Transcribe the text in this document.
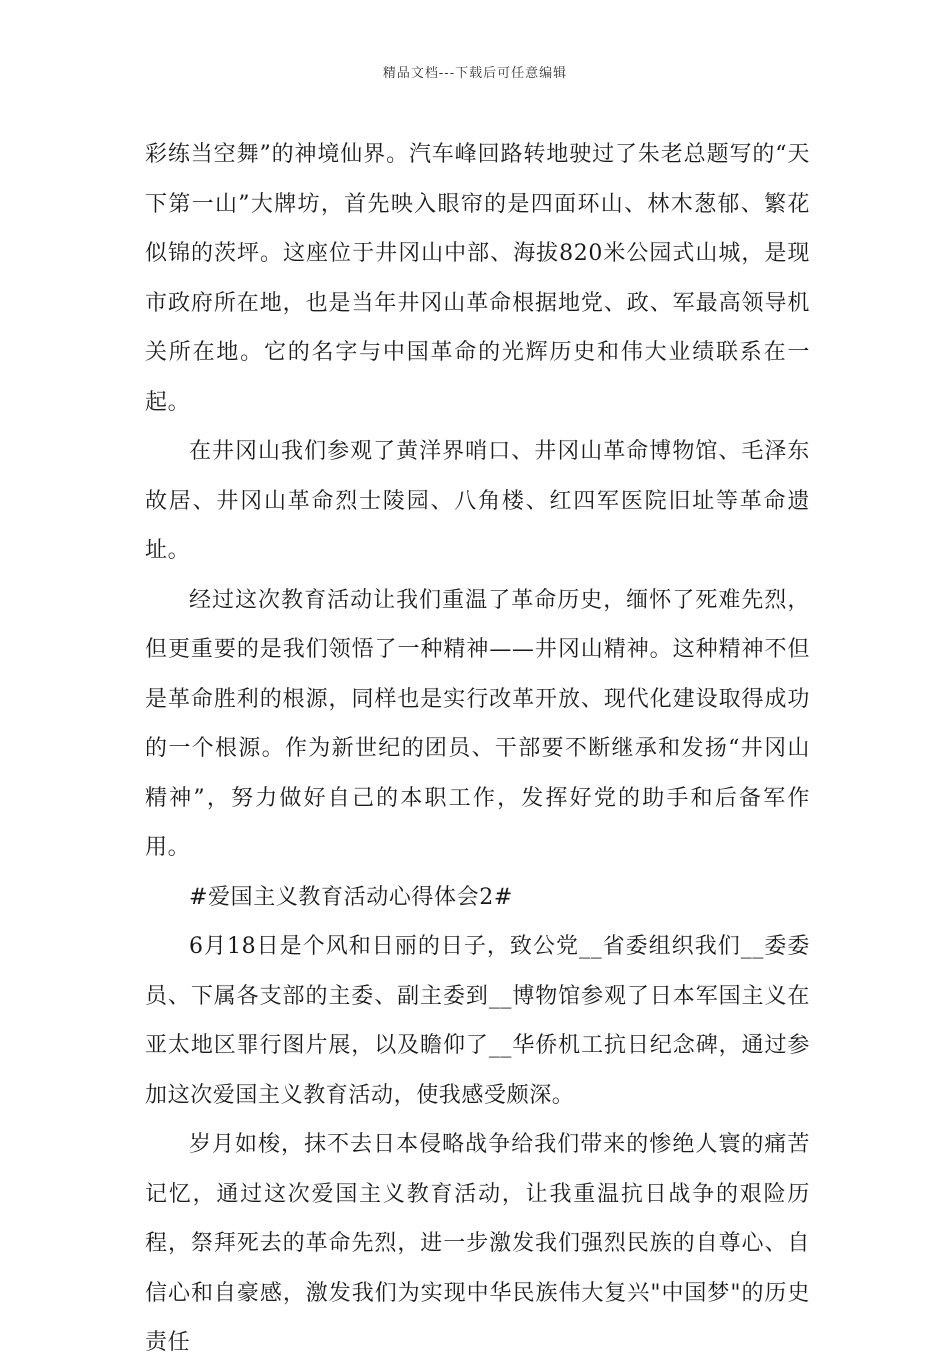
精品文档---下载后可任意编辑

彩练当空舞”的神境仙界。汽车峰回路转地驶过了朱老总题写的“天下第一山”大牌坊，首先映入眼帘的是四面环山、林木葱郁、繁花似锦的茨坪。这座位于井冈山中部、海拔820米公园式山城，是现市政府所在地，也是当年井冈山革命根据地党、政、军最高领导机关所在地。它的名字与中国革命的光辉历史和伟大业绩联系在一起。

在井冈山我们参观了黄洋界哨口、井冈山革命博物馆、毛泽东故居、井冈山革命烈士陵园、八角楼、红四军医院旧址等革命遗址。

经过这次教育活动让我们重温了革命历史，缅怀了死难先烈，但更重要的是我们领悟了一种精神——井冈山精神。这种精神不但是革命胜利的根源，同样也是实行改革开放、现代化建设取得成功的一个根源。作为新世纪的团员、干部要不断继承和发扬“井冈山精神”，努力做好自己的本职工作，发挥好党的助手和后备军作用。

#爱国主义教育活动心得体会2#

6月18日是个风和日丽的日子，致公党__省委组织我们__委委员、下属各支部的主委、副主委到__博物馆参观了日本军国主义在亚太地区罪行图片展，以及瞻仰了__华侨机工抗日纪念碑，通过参加这次爱国主义教育活动，使我感受颇深。

岁月如梭，抹不去日本侵略战争给我们带来的惨绝人寰的痛苦记忆，通过这次爱国主义教育活动，让我重温抗日战争的艰险历程，祭拜死去的革命先烈，进一步激发我们强烈民族的自尊心、自信心和自豪感，激发我们为实现中华民族伟大复兴"中国梦"的历史责任
